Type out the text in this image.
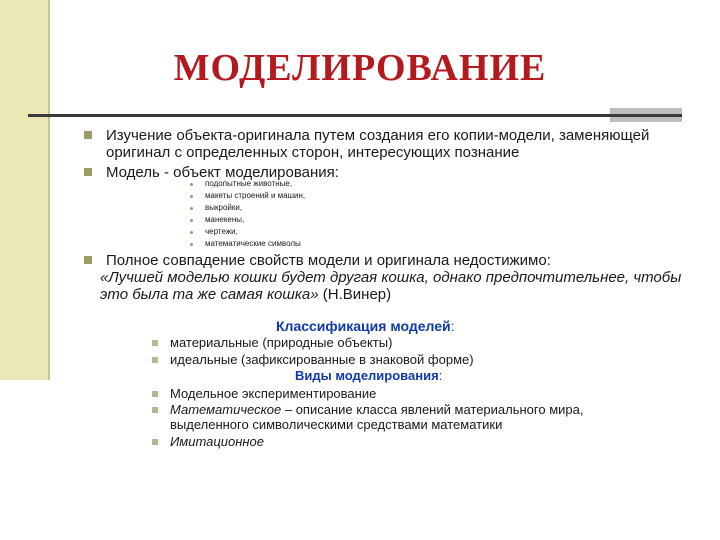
МОДЕЛИРОВАНИЕ
Изучение объекта-оригинала путем создания его копии-модели, заменяющей оригинал с определенных сторон, интересующих познание
Модель - объект моделирования:
подопытные животные,
макеты строений и машин,
выкройки,
манекены,
чертежи,
математические символы
Полное совпадение свойств модели и оригинала недостижимо:
«Лучшей моделью кошки будет другая кошка, однако предпочтительнее, чтобы это была та же самая кошка» (Н.Винер)
Классификация моделей:
материальные (природные объекты)
идеальные (зафиксированные в знаковой форме)
Виды моделирования:
Модельное экспериментирование
Математическое – описание класса явлений материального мира, выделенного символическими средствами математики
Имитационное
